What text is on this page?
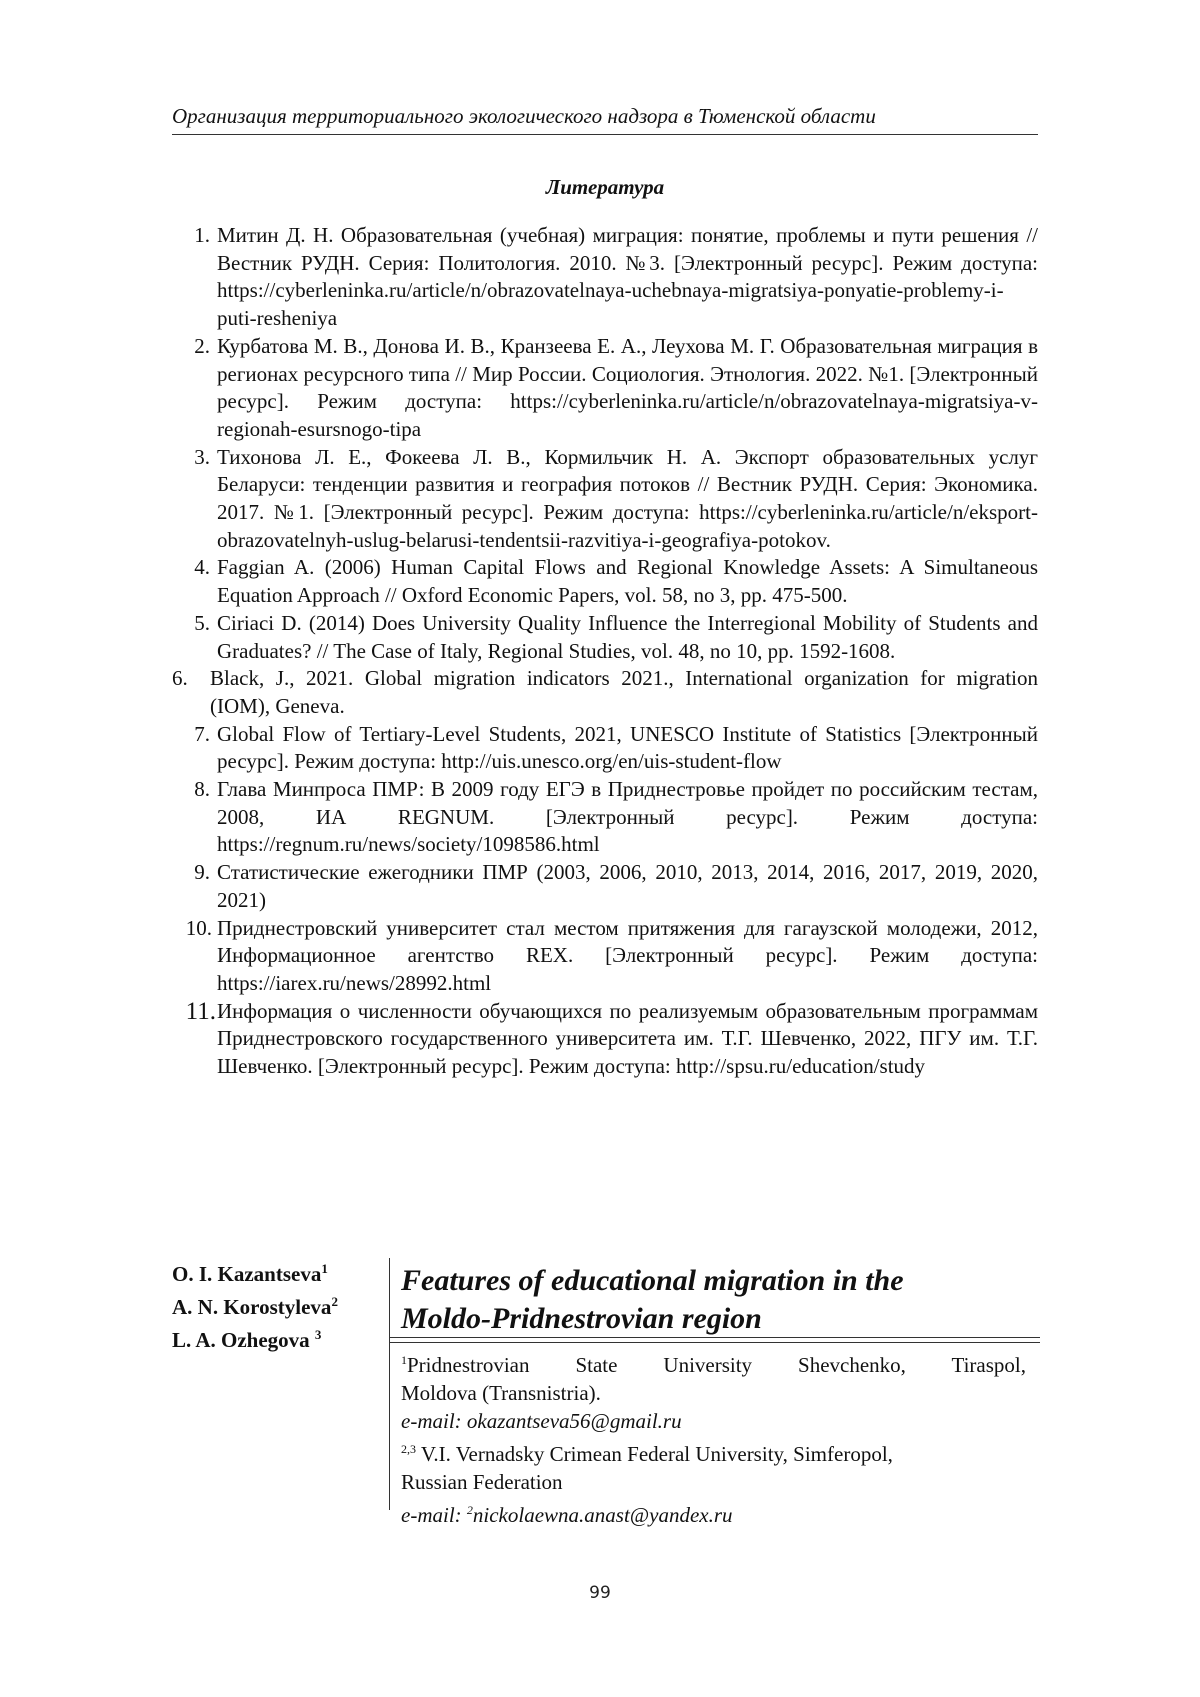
Организация территориального экологического надзора в Тюменской области
Литература
1. Митин Д. Н. Образовательная (учебная) миграция: понятие, проблемы и пути решения // Вестник РУДН. Серия: Политология. 2010. №3. [Электронный ресурс]. Режим доступа: https://cyberleninka.ru/article/n/obrazovatelnaya-uchebnaya-migratsiya-ponyatie-problemy-i-puti-resheniya
2. Курбатова М. В., Донова И. В., Кранзеева Е. А., Леухова М. Г. Образовательная миграция в регионах ресурсного типа // Мир России. Социология. Этнология. 2022. №1. [Электронный ресурс]. Режим доступа: https://cyberleninka.ru/article/n/obrazovatelnaya-migratsiya-v-regionah-esursnogo-tipa
3. Тихонова Л. Е., Фокеева Л. В., Кормильчик Н. А. Экспорт образовательных услуг Беларуси: тенденции развития и география потоков // Вестник РУДН. Серия: Экономика. 2017. №1. [Электронный ресурс]. Режим доступа: https://cyberleninka.ru/article/n/eksport-obrazovatelnyh-uslug-belarusi-tendentsii-razvitiya-i-geografiya-potokov.
4. Faggian A. (2006) Human Capital Flows and Regional Knowledge Assets: A Simultaneous Equation Approach // Oxford Economic Papers, vol. 58, no 3, pp. 475-500.
5. Ciriaci D. (2014) Does University Quality Influence the Interregional Mobility of Students and Graduates? // The Case of Italy, Regional Studies, vol. 48, no 10, pp. 1592-1608.
6.	Black, J., 2021. Global migration indicators 2021., International organization for migration (IOM), Geneva.
7. Global Flow of Tertiary-Level Students, 2021, UNESCO Institute of Statistics [Электронный ресурс]. Режим доступа: http://uis.unesco.org/en/uis-student-flow
8. Глава Минпроса ПМР: В 2009 году ЕГЭ в Приднестровье пройдет по российским тестам, 2008, ИА REGNUM. [Электронный ресурс]. Режим доступа: https://regnum.ru/news/society/1098586.html
9. Статистические ежегодники ПМР (2003, 2006, 2010, 2013, 2014, 2016, 2017, 2019, 2020, 2021)
10. Приднестровский университет стал местом притяжения для гагаузской молодежи, 2012, Информационное агентство REX. [Электронный ресурс]. Режим доступа: https://iarex.ru/news/28992.html
11. Информация о численности обучающихся по реализуемым образовательным программам Приднестровского государственного университета им. Т.Г. Шевченко, 2022, ПГУ им. Т.Г. Шевченко. [Электронный ресурс]. Режим доступа: http://spsu.ru/education/study
O. I. Kazantseva$^1$
A. N. Korostyleva$^2$
L. A. Ozhegova $^3$
Features of educational migration in the
Moldo-Pridnestrovian region
$^1$Pridnestrovian State University Shevchenko, Tiraspol,
Moldova (Transnistria).
e-mail: okazantseva56@gmail.ru
$^{2,3}$ V.I. Vernadsky Crimean Federal University, Simferopol,
Russian Federation
e-mail: $^2$nickolaewna.anast@yandex.ru
99
